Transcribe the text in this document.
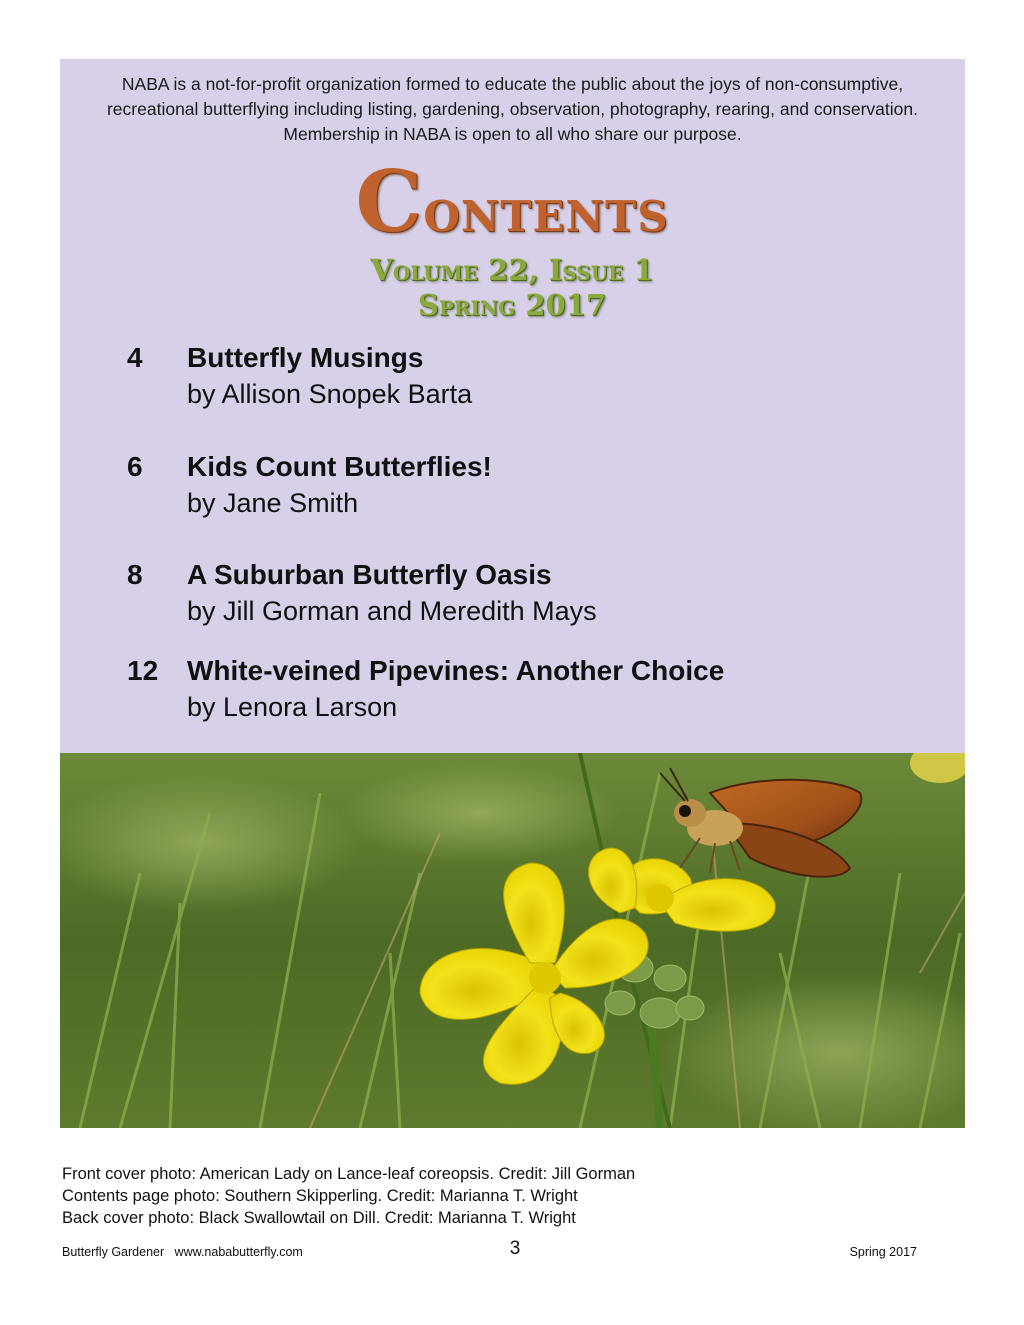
NABA is a not-for-profit organization formed to educate the public about the joys of non-consumptive, recreational butterflying including listing, gardening, observation, photography, rearing, and conservation. Membership in NABA is open to all who share our purpose.
Contents
Volume 22, Issue 1
Spring 2017
4 Butterfly Musings
by Allison Snopek Barta
6 Kids Count Butterflies!
by Jane Smith
8 A Suburban Butterfly Oasis
by Jill Gorman and Meredith Mays
12 White-veined Pipevines: Another Choice
by Lenora Larson
Front cover photo: American Lady on Lance-leaf coreopsis. Credit: Jill Gorman
Contents page photo: Southern Skipperling. Credit: Marianna T. Wright
Back cover photo: Black Swallowtail on Dill. Credit: Marianna T. Wright
Butterfly Gardener   www.nababutterfly.com	3	Spring 2017
